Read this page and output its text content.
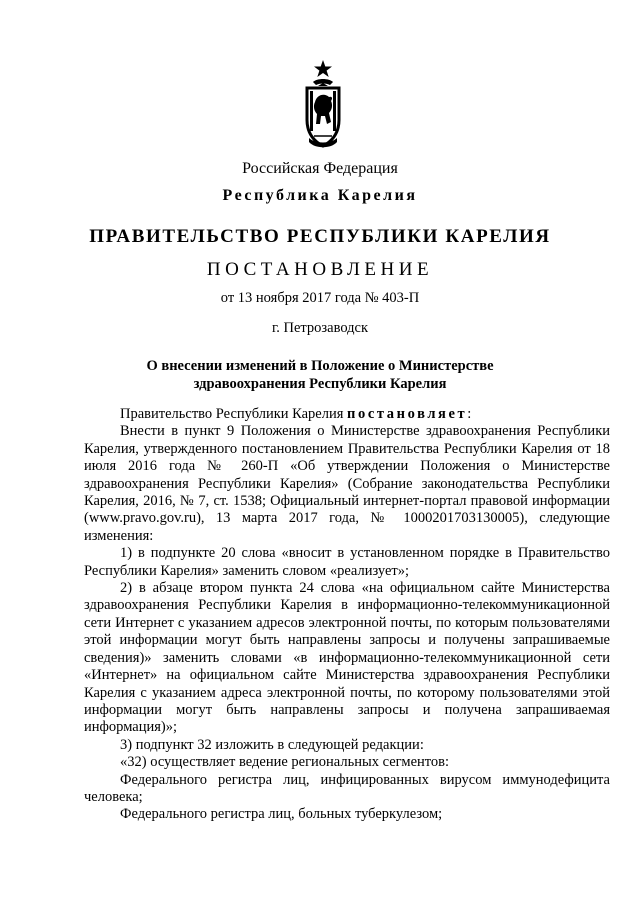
Российская Федерация
Республика Карелия
ПРАВИТЕЛЬСТВО РЕСПУБЛИКИ КАРЕЛИЯ
ПОСТАНОВЛЕНИЕ
от 13 ноября 2017 года № 403-П
г. Петрозаводск
О внесении изменений в Положение о Министерстве
здравоохранения Республики Карелия

Правительство Республики Карелия постановляет:

Внести в пункт 9 Положения о Министерстве здравоохранения Республики Карелия, утвержденного постановлением Правительства Республики Карелия от 18 июля 2016 года № 260-П «Об утверждении Положения о Министерстве здравоохранения Республики Карелия» (Собрание законодательства Республики Карелия, 2016, № 7, ст. 1538; Официальный интернет-портал правовой информации (www.pravo.gov.ru), 13 марта 2017 года, № 1000201703130005), следующие изменения:

1) в подпункте 20 слова «вносит в установленном порядке в Правительство Республики Карелия» заменить словом «реализует»;

2) в абзаце втором пункта 24 слова «на официальном сайте Министерства здравоохранения Республики Карелия в информационно-телекоммуникационной сети Интернет с указанием адресов электронной почты, по которым пользователями этой информации могут быть направлены запросы и получены запрашиваемые сведения)» заменить словами «в информационно-телекоммуникационной сети «Интернет» на официальном сайте Министерства здравоохранения Республики Карелия с указанием адреса электронной почты, по которому пользователями этой информации могут быть направлены запросы и получена запрашиваемая информация)»;

3) подпункт 32 изложить в следующей редакции:

«32) осуществляет ведение региональных сегментов:

Федерального регистра лиц, инфицированных вирусом иммунодефицита человека;

Федерального регистра лиц, больных туберкулезом;
